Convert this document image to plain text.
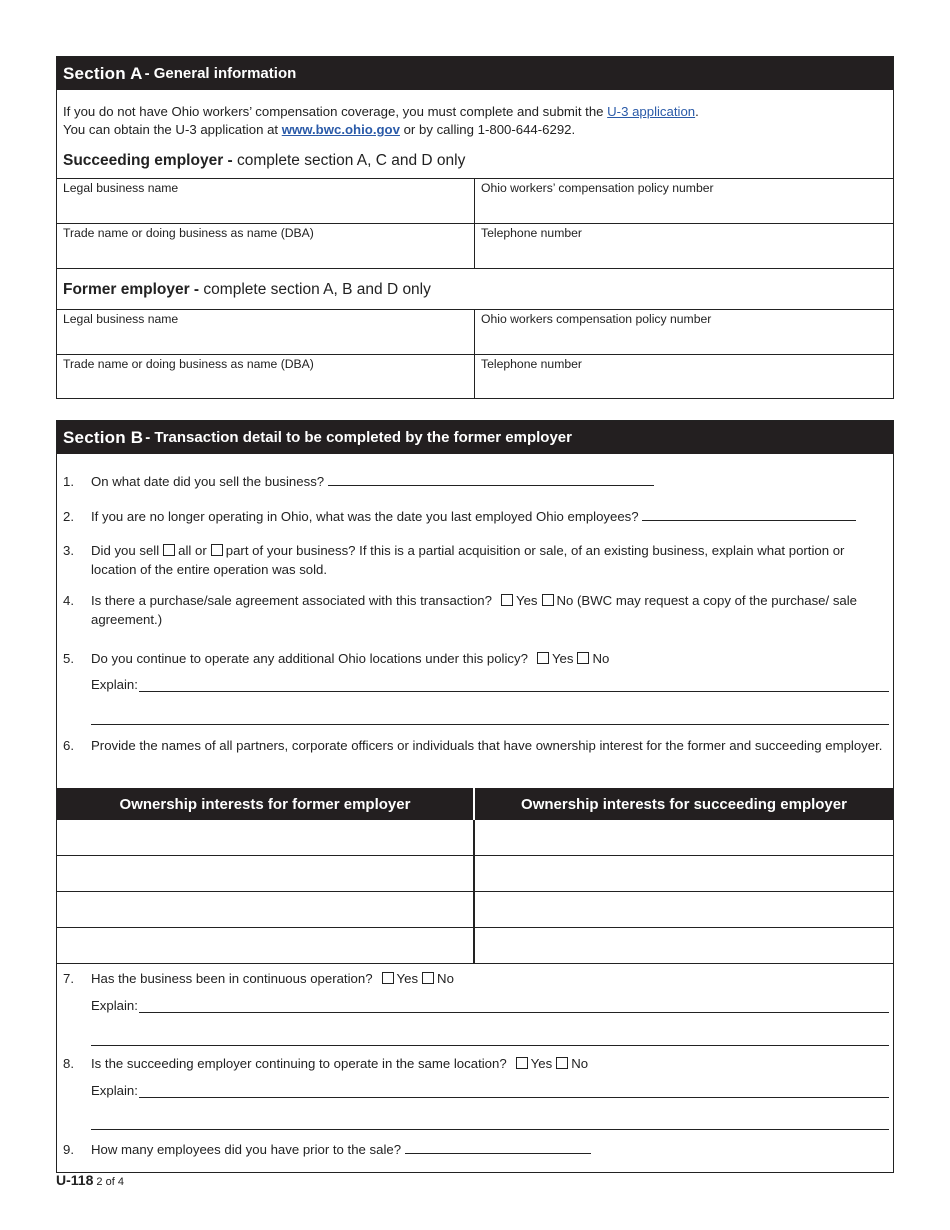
Section A - General information
If you do not have Ohio workers’ compensation coverage, you must complete and submit the U-3 application.
You can obtain the U-3 application at www.bwc.ohio.gov or by calling 1-800-644-6292.
Succeeding employer - complete section A, C and D only
Legal business name	Ohio workers’ compensation policy number
Trade name or doing business as name (DBA)	Telephone number
Former employer - complete section A, B and D only
Legal business name	Ohio workers compensation policy number
Trade name or doing business as name (DBA)	Telephone number
Section B - Transaction detail to be completed by the former employer
1.	On what date did you sell the business?
2.	If you are no longer operating in Ohio, what was the date you last employed Ohio employees?
3.	Did you sell all or part of your business? If this is a partial acquisition or sale, of an existing business, explain what portion or location of the entire operation was sold.
4.	Is there a purchase/sale agreement associated with this transaction? Yes No (BWC may request a copy of the purchase/ sale agreement.)
5.	Do you continue to operate any additional Ohio locations under this policy? Yes No
Explain:
6.	Provide the names of all partners, corporate officers or individuals that have ownership interest for the former and succeeding employer.
Ownership interests for former employer	Ownership interests for succeeding employer
7.	Has the business been in continuous operation? Yes No
Explain:
8.	Is the succeeding employer continuing to operate in the same location? Yes No
Explain:
9.	How many employees did you have prior to the sale?
U-118 2 of 4
